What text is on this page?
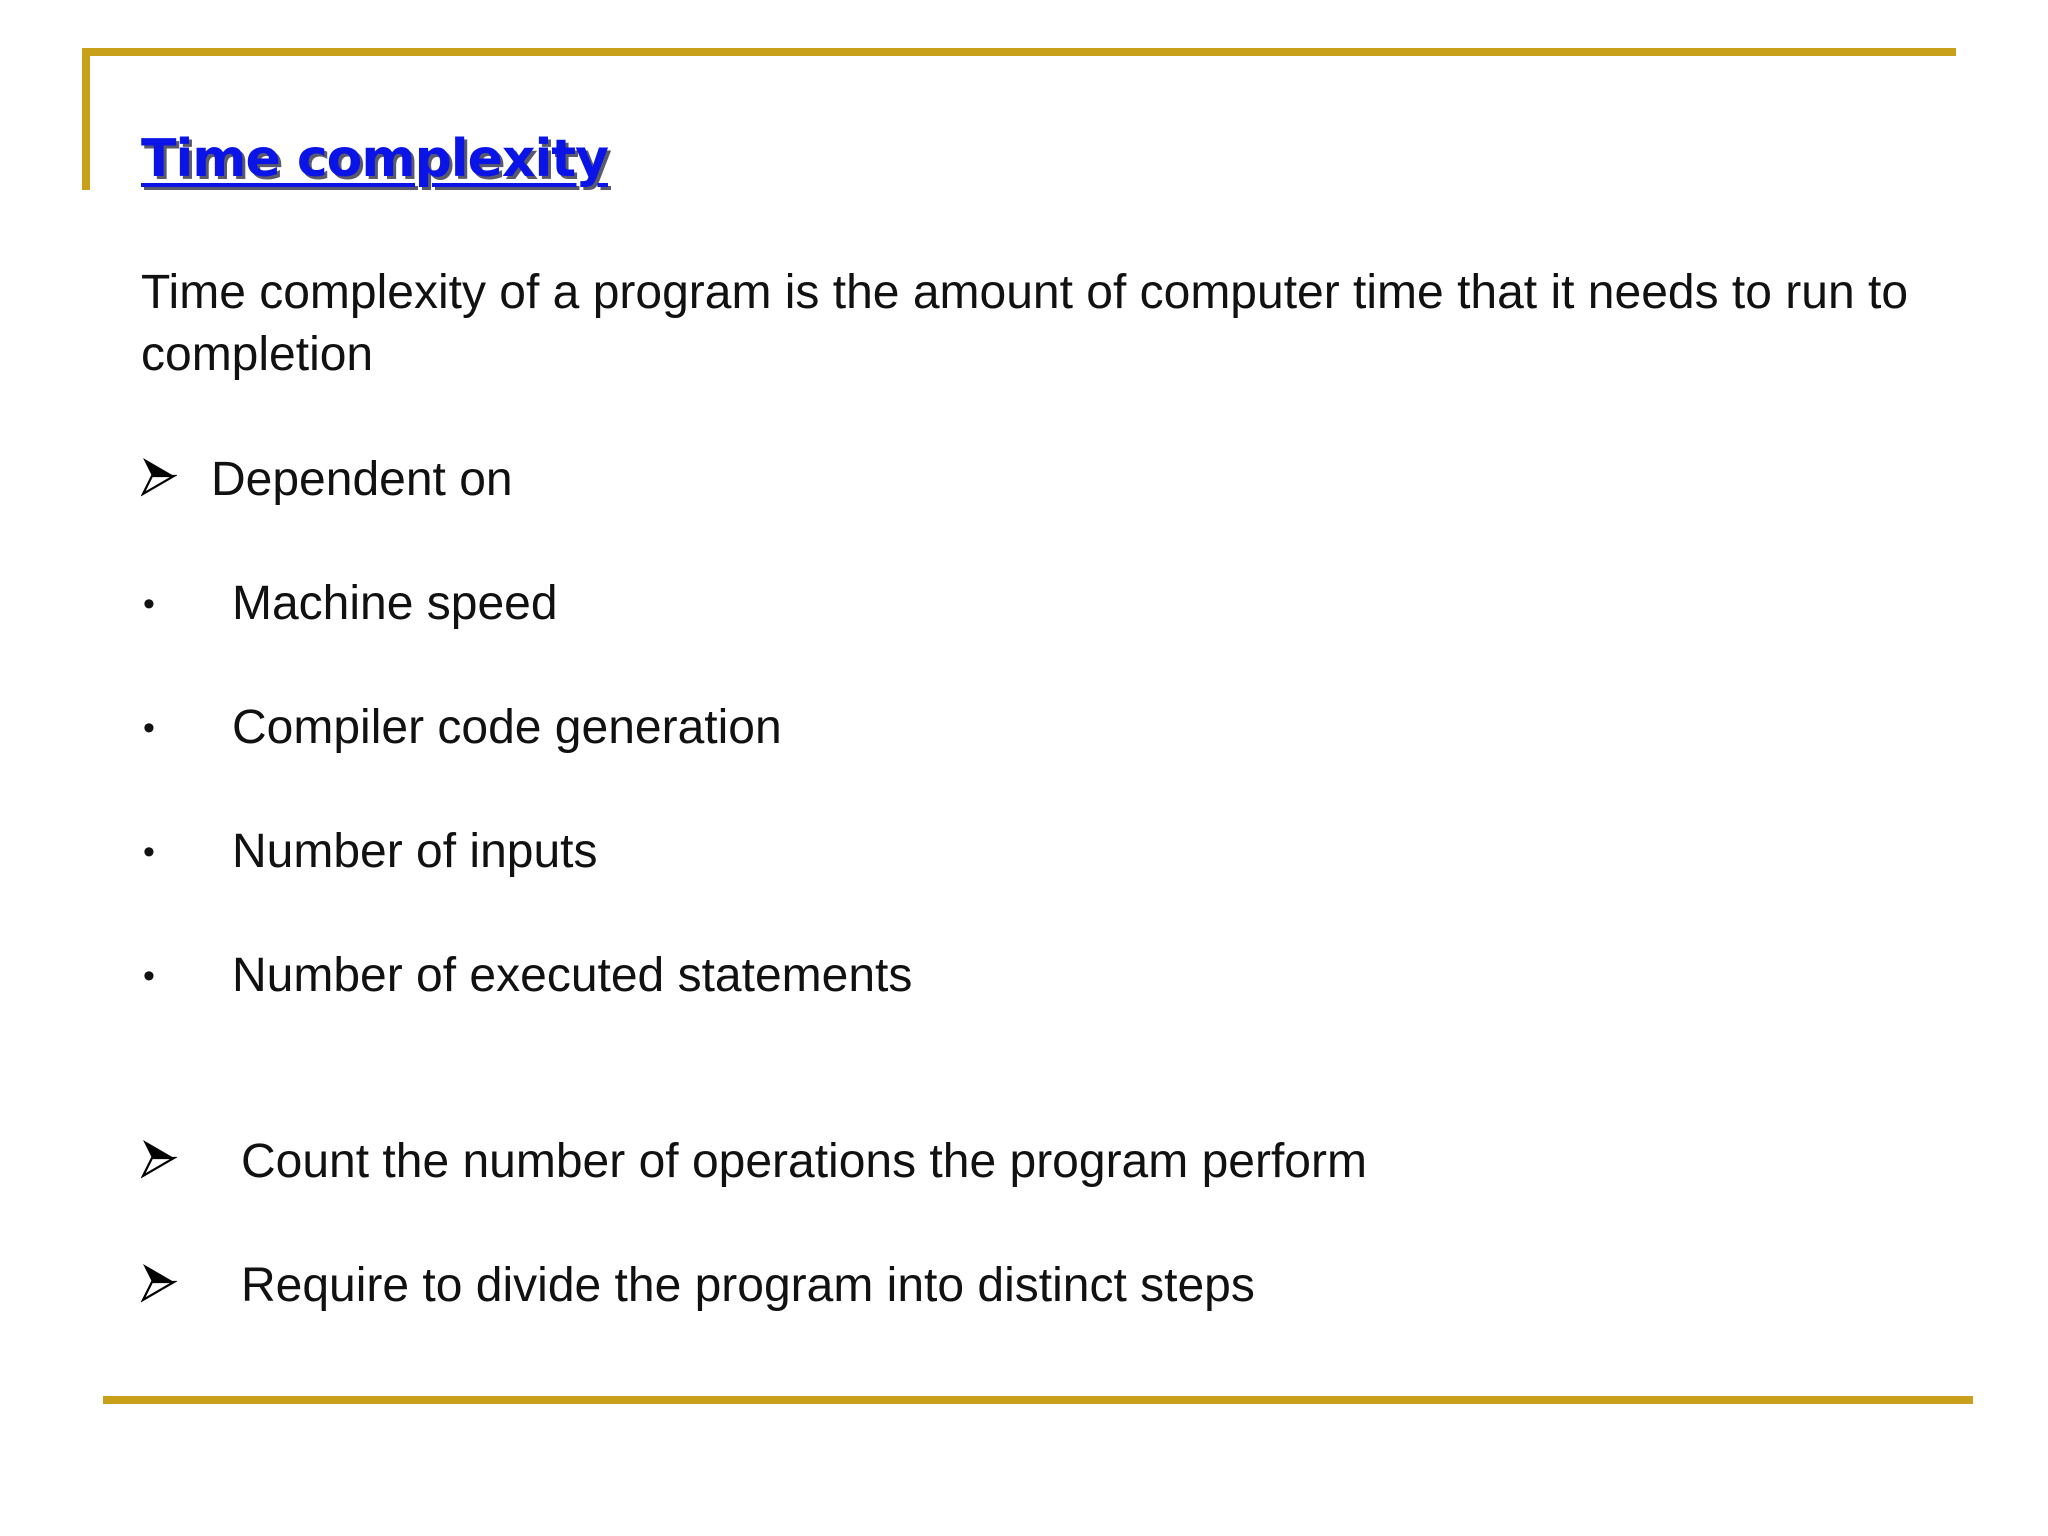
Time complexity

Time complexity of a program is the amount of computer time that it needs to run to completion

Dependent on
• Machine speed
• Compiler code generation
• Number of inputs
• Number of executed statements
Count the number of operations the program perform
Require to divide the program into distinct steps
